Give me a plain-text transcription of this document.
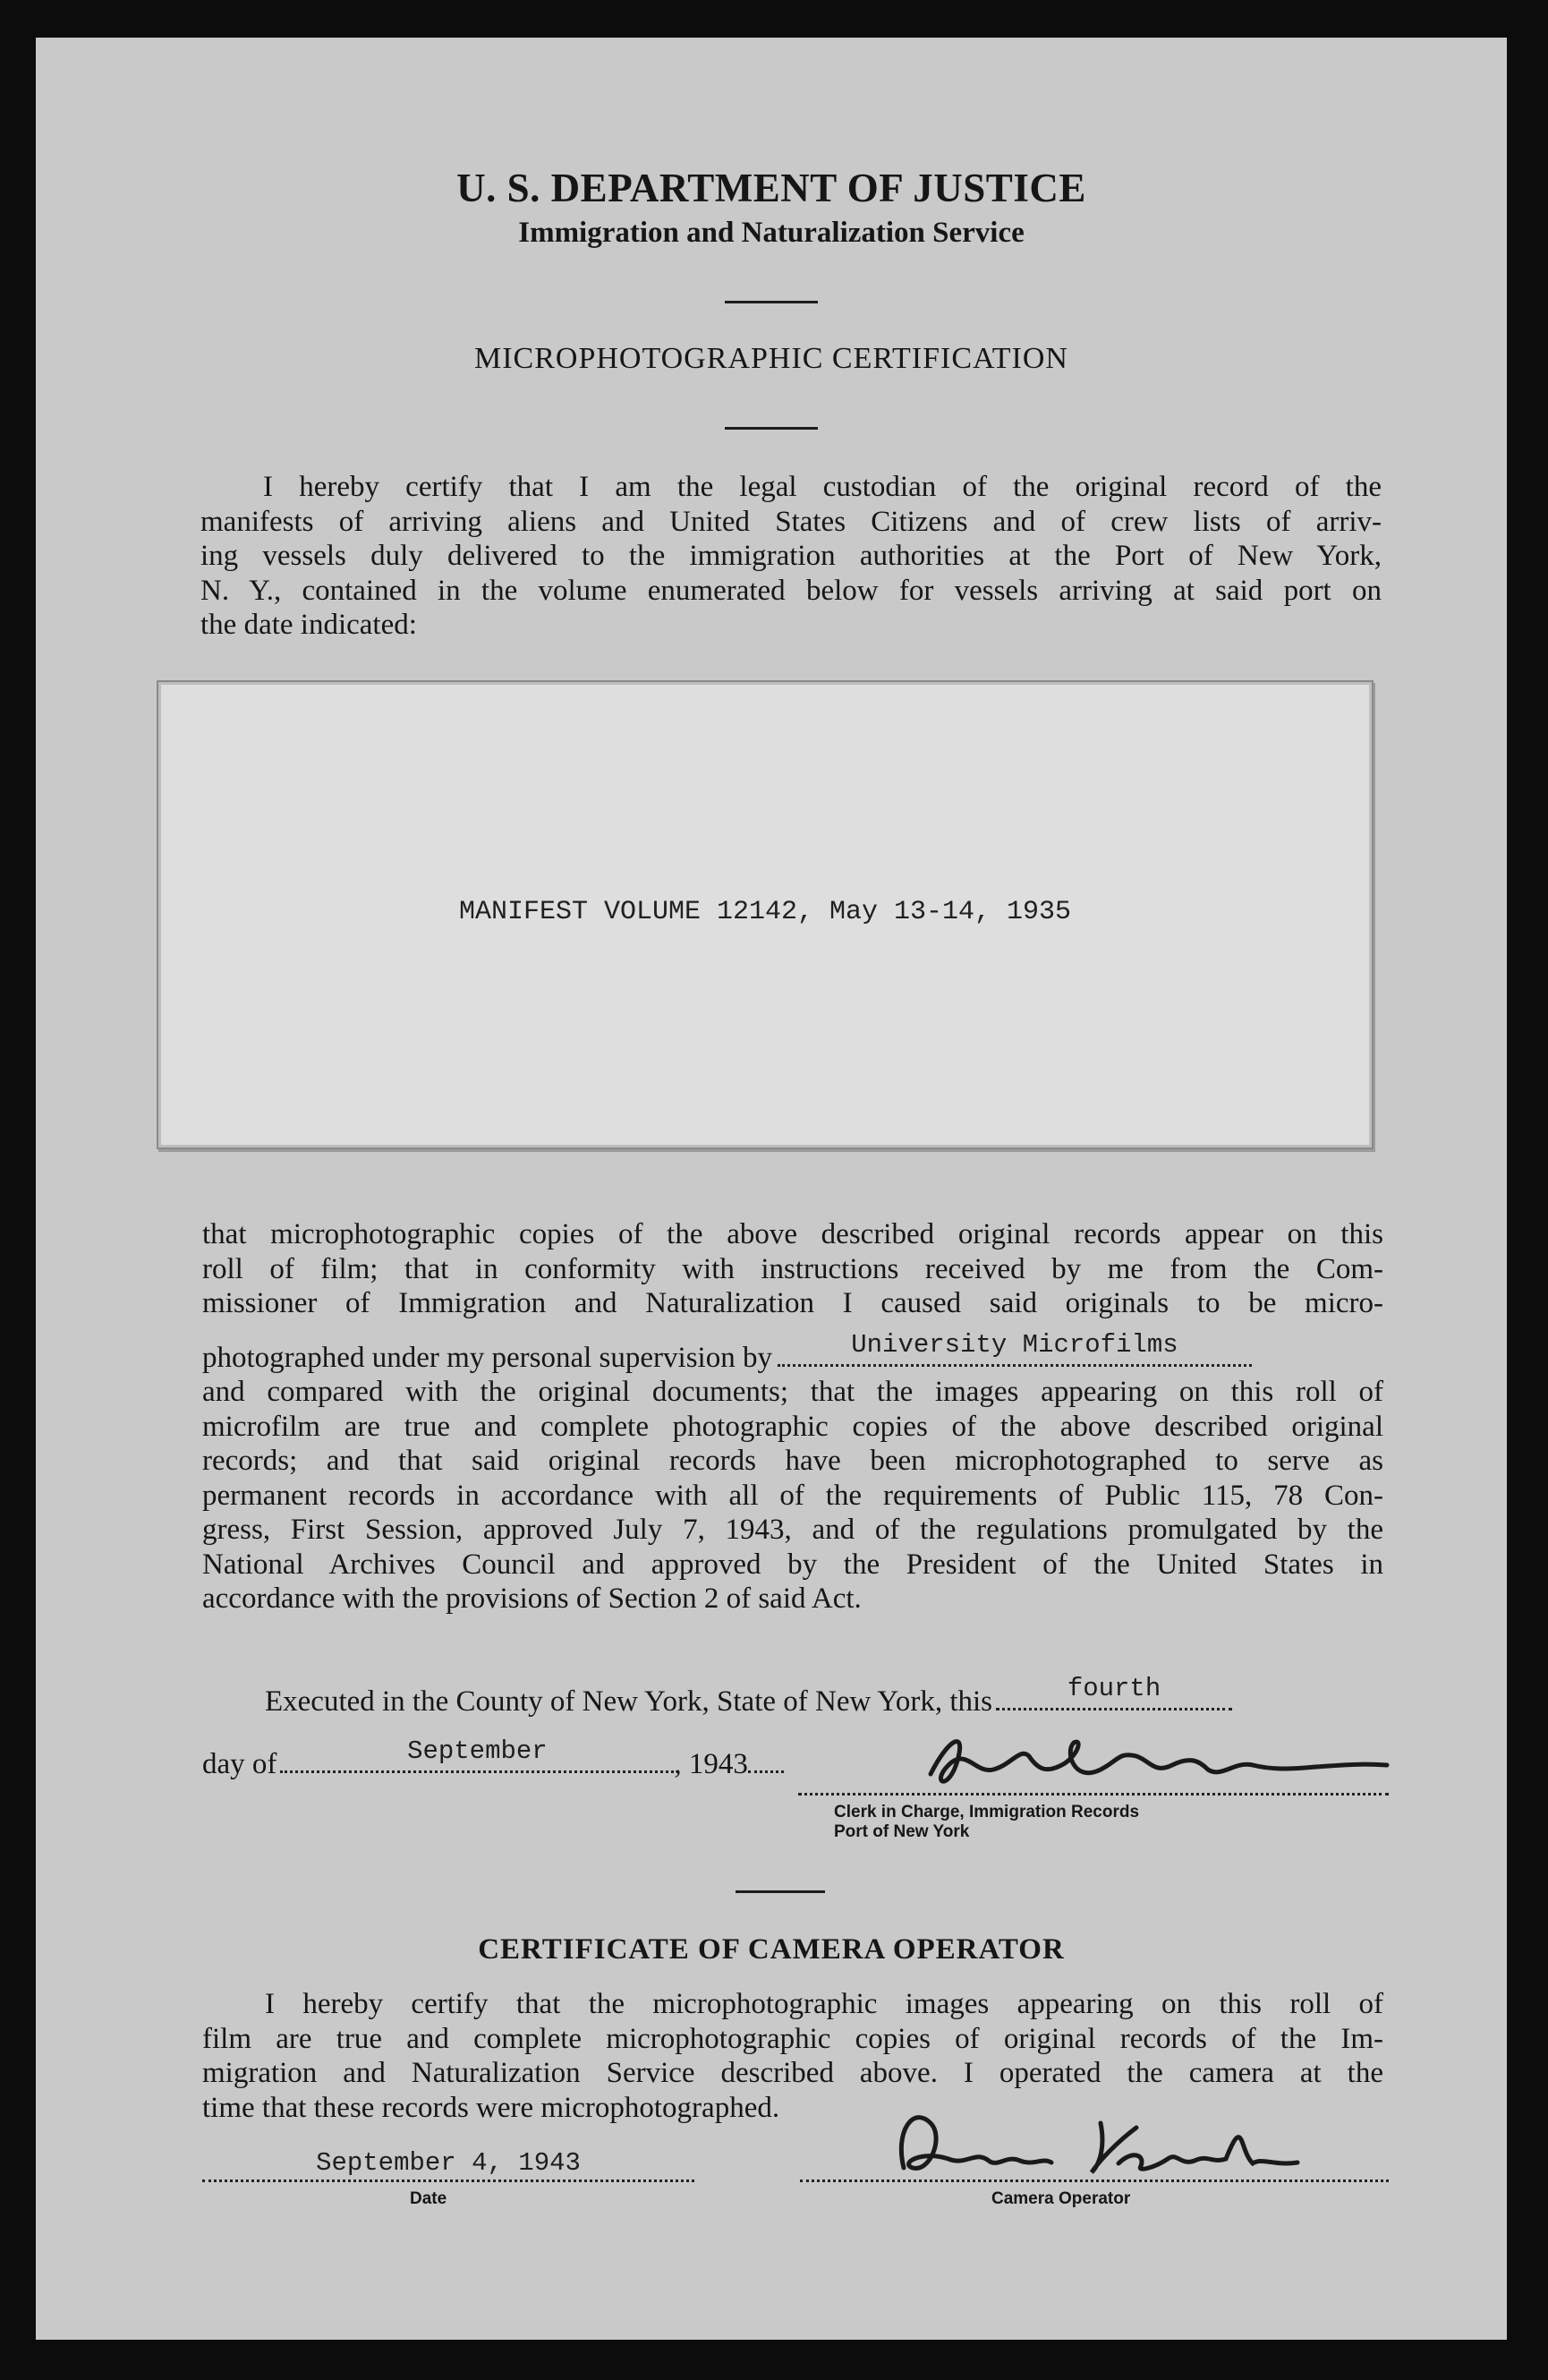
U. S. DEPARTMENT OF JUSTICE
Immigration and Naturalization Service
MICROPHOTOGRAPHIC CERTIFICATION
I hereby certify that I am the legal custodian of the original record of the
manifests of arriving aliens and United States Citizens and of crew lists of arriv-
ing vessels duly delivered to the immigration authorities at the Port of New York,
N. Y., contained in the volume enumerated below for vessels arriving at said port on
the date indicated:
MANIFEST VOLUME 12142, May 13-14, 1935
that microphotographic copies of the above described original records appear on this
roll of film; that in conformity with instructions received by me from the Com-
missioner of Immigration and Naturalization I caused said originals to be micro-
photographed under my personal supervision by	University Microfilms
and compared with the original documents; that the images appearing on this roll of
microfilm are true and complete photographic copies of the above described original
records; and that said original records have been microphotographed to serve as
permanent records in accordance with all of the requirements of Public 115, 78 Con-
gress, First Session, approved July 7, 1943, and of the regulations promulgated by the
National Archives Council and approved by the President of the United States in
accordance with the provisions of Section 2 of said Act.
Executed in the County of New York, State of New York, this	fourth
day of	September	, 1943
Clerk in Charge, Immigration Records
Port of New York
CERTIFICATE OF CAMERA OPERATOR
I hereby certify that the microphotographic images appearing on this roll of
film are true and complete microphotographic copies of original records of the Im-
migration and Naturalization Service described above. I operated the camera at the
time that these records were microphotographed.
September 4, 1943
Date	Camera Operator
